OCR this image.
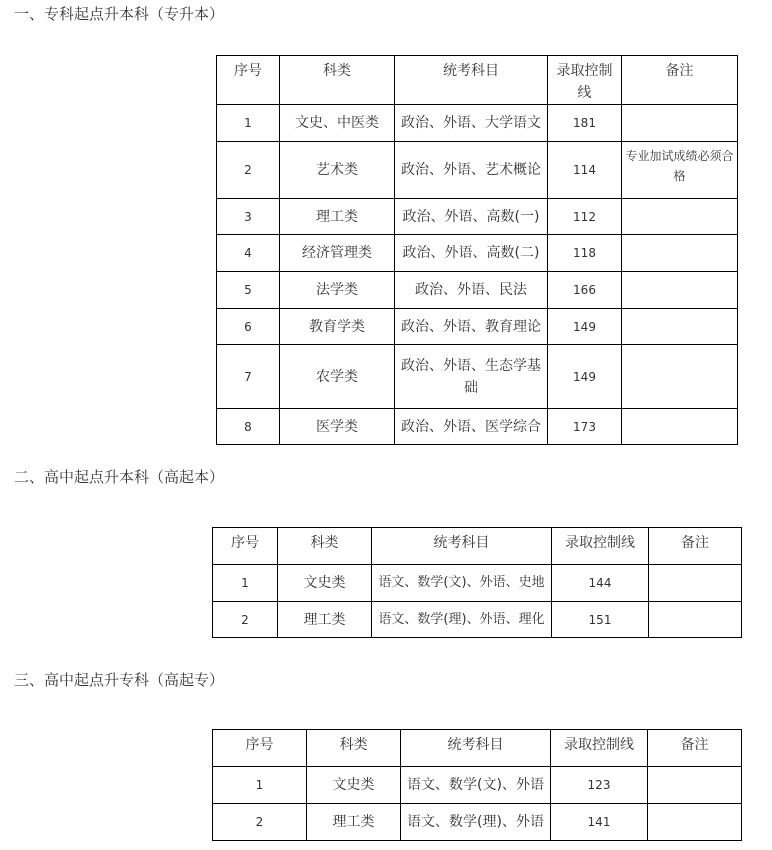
一、专科起点升本科（专升本）
序号	科类	统考科目	录取控制线	备注
1	文史、中医类	政治、外语、大学语文	181	
2	艺术类	政治、外语、艺术概论	114	专业加试成绩必须合格
3	理工类	政治、外语、高数(一)	112	
4	经济管理类	政治、外语、高数(二)	118	
5	法学类	政治、外语、民法	166	
6	教育学类	政治、外语、教育理论	149	
7	农学类	政治、外语、生态学基础	149	
8	医学类	政治、外语、医学综合	173	
二、高中起点升本科（高起本）
序号	科类	统考科目	录取控制线	备注
1	文史类	语文、数学(文)、外语、史地	144	
2	理工类	语文、数学(理)、外语、理化	151	
三、高中起点升专科（高起专）
序号	科类	统考科目	录取控制线	备注
1	文史类	语文、数学(文)、外语	123	
2	理工类	语文、数学(理)、外语	141	
